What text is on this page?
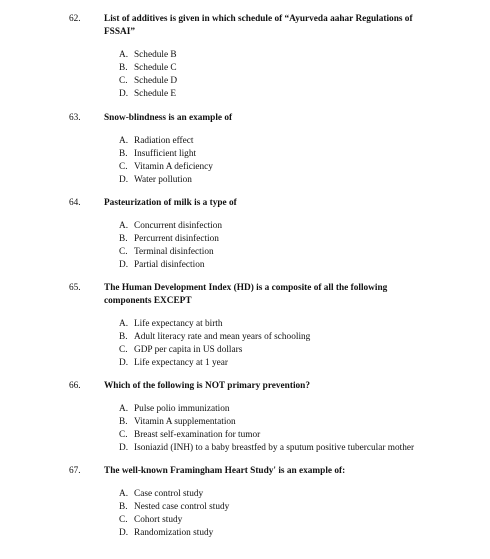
62.	List of additives is given in which schedule of “Ayurveda aahar Regulations of FSSAI”
A. Schedule B
B. Schedule C
C. Schedule D
D. Schedule E
63.	Snow-blindness is an example of
A. Radiation effect
B. Insufficient light
C. Vitamin A deficiency
D. Water pollution
64.	Pasteurization of milk is a type of
A. Concurrent disinfection
B. Percurrent disinfection
C. Terminal disinfection
D. Partial disinfection
65.	The Human Development Index (HD) is a composite of all the following components EXCEPT
A. Life expectancy at birth
B. Adult literacy rate and mean years of schooling
C. GDP per capita in US dollars
D. Life expectancy at 1 year
66.	Which of the following is NOT primary prevention?
A. Pulse polio immunization
B. Vitamin A supplementation
C. Breast self-examination for tumor
D. Isoniazid (INH) to a baby breastfed by a sputum positive tubercular mother
67.	The well-known Framingham Heart Study' is an example of:
A. Case control study
B. Nested case control study
C. Cohort study
D. Randomization study
